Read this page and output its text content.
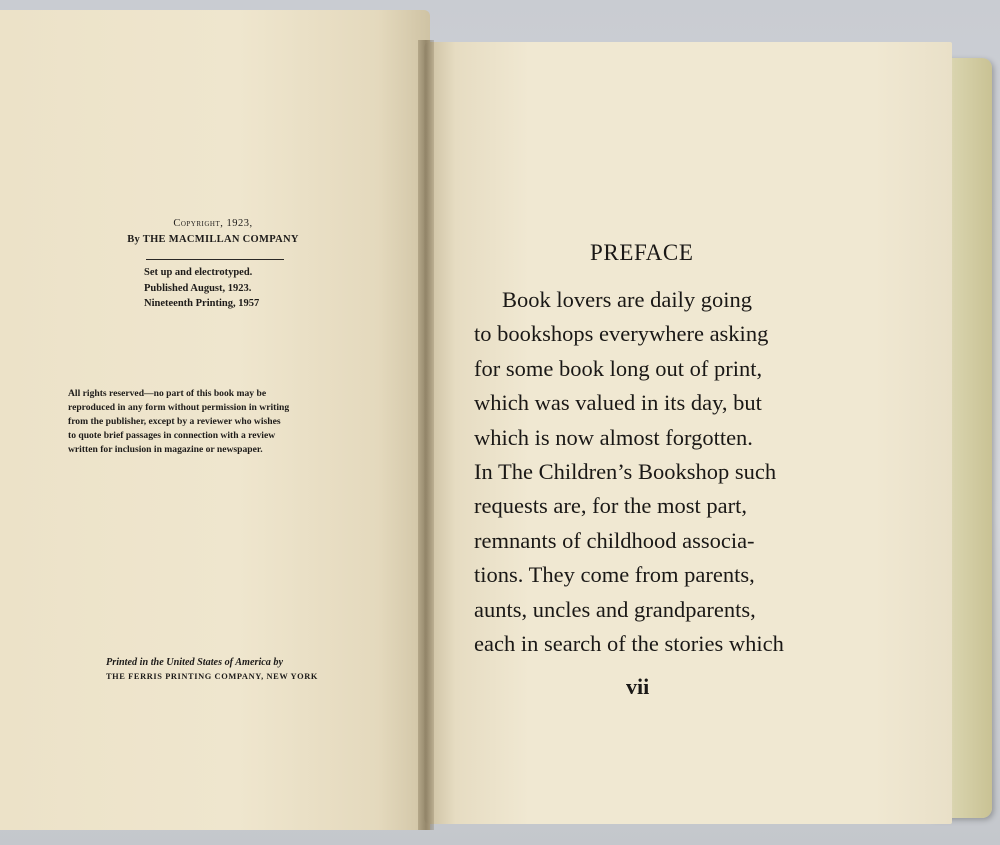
Copyright, 1923,
By THE MACMILLAN COMPANY
Set up and electrotyped.
Published August, 1923.
Nineteenth Printing, 1957
All rights reserved—no part of this book may be
reproduced in any form without permission in writing
from the publisher, except by a reviewer who wishes
to quote brief passages in connection with a review
written for inclusion in magazine or newspaper.
Printed in the United States of America by
THE FERRIS PRINTING COMPANY, NEW YORK
PREFACE
Book lovers are daily going
to bookshops everywhere asking
for some book long out of print,
which was valued in its day, but
which is now almost forgotten.
In The Children’s Bookshop such
requests are, for the most part,
remnants of childhood associa-
tions. They come from parents,
aunts, uncles and grandparents,
each in search of the stories which
vii
